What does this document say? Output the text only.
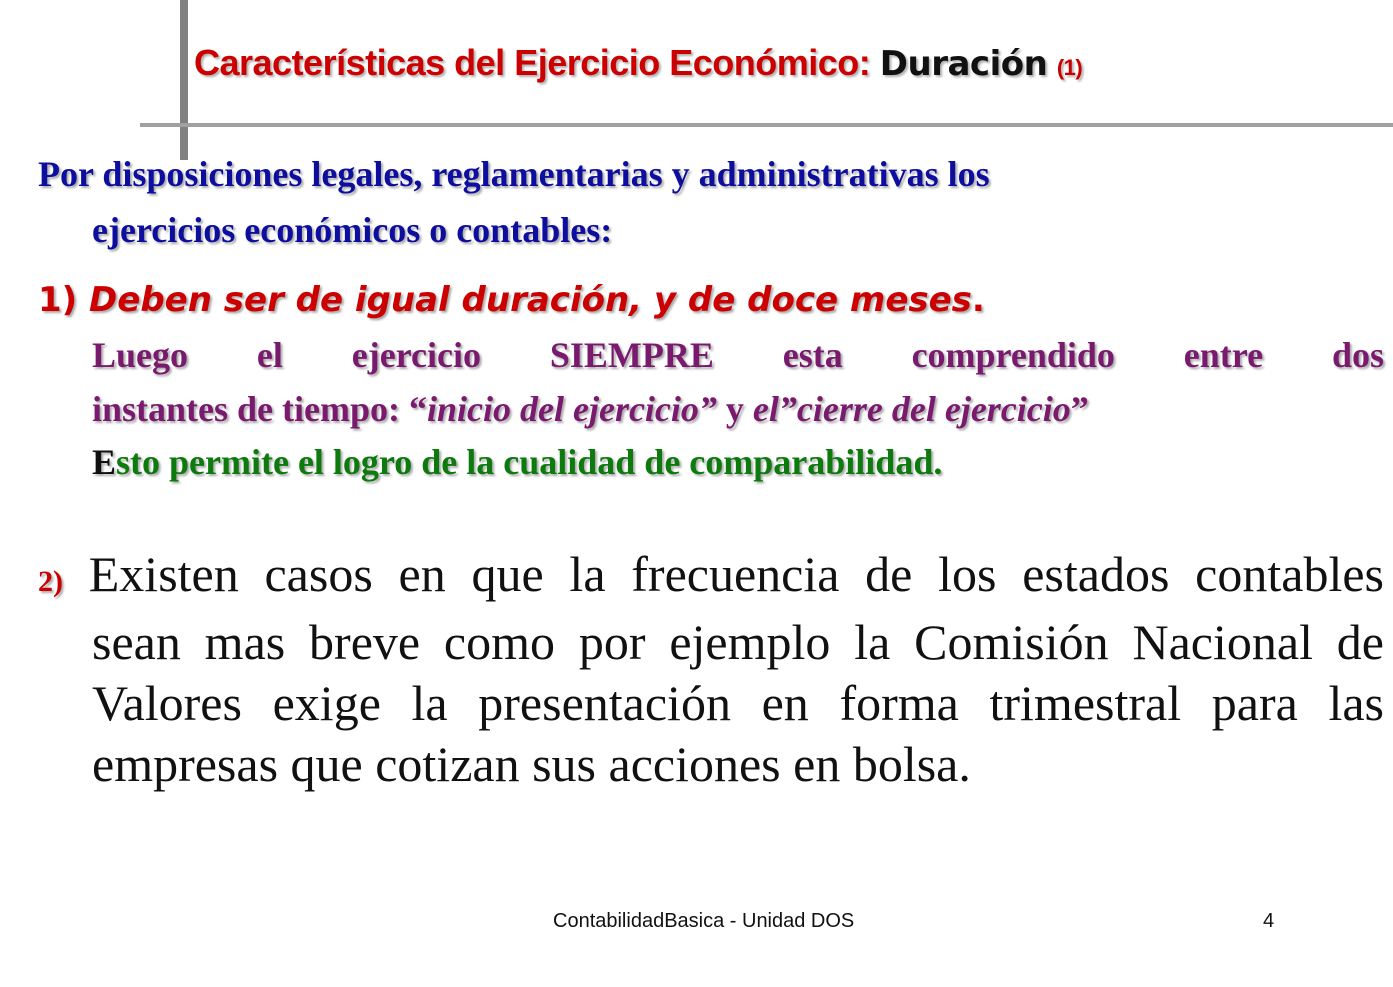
Características del Ejercicio Económico: Duración (1)
Por disposiciones legales, reglamentarias y administrativas los
ejercicios económicos o contables:
1) Deben ser de igual duración, y de doce meses.
Luego el ejercicio SIEMPRE esta comprendido entre dos
instantes de tiempo: “inicio del ejercicio” y el”cierre del ejercicio”
Esto permite el logro de la cualidad de comparabilidad.
2) Existen casos en que la frecuencia de los estados contables
sean mas breve como por ejemplo la Comisión Nacional de
Valores exige la presentación en forma trimestral para las
empresas que cotizan sus acciones en bolsa.
ContabilidadBasica - Unidad DOS	4
